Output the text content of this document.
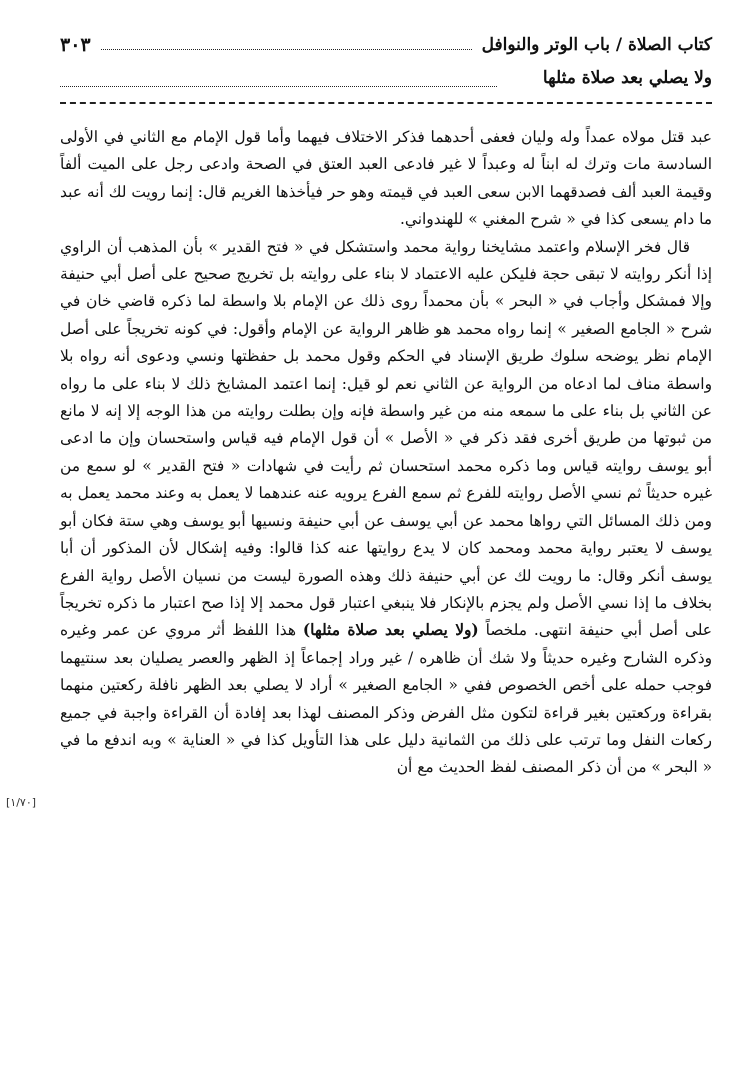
كتاب الصلاة / باب الوتر والنوافل
٣٠٣
ولا يصلي بعد صلاة مثلها

عبد قتل مولاه عمداً وله وليان فعفى أحدهما فذكر الاختلاف فيهما وأما قول الإمام مع الثاني في الأولى السادسة مات وترك له ابناً له وعبداً لا غير فادعى العبد العتق في الصحة وادعى رجل على الميت ألفاً وقيمة العبد ألف فصدقهما الابن سعى العبد في قيمته وهو حر فيأخذها الغريم قال: إنما رويت لك أنه عبد ما دام يسعى كذا في « شرح المغني » للهندواني.

قال فخر الإسلام واعتمد مشايخنا رواية محمد واستشكل في « فتح القدير » بأن المذهب أن الراوي إذا أنكر روايته لا تبقى حجة فليكن عليه الاعتماد لا بناء على روايته بل تخريج صحيح على أصل أبي حنيفة وإلا فمشكل وأجاب في « البحر » بأن محمداً روى ذلك عن الإمام بلا واسطة لما ذكره قاضي خان في شرح « الجامع الصغير » إنما رواه محمد هو ظاهر الرواية عن الإمام وأقول: في كونه تخريجاً على أصل الإمام نظر يوضحه سلوك طريق الإسناد في الحكم وقول محمد بل حفظتها ونسي ودعوى أنه رواه بلا واسطة مناف لما ادعاه من الرواية عن الثاني نعم لو قيل: إنما اعتمد المشايخ ذلك لا بناء على ما رواه عن الثاني بل بناء على ما سمعه منه من غير واسطة فإنه وإن بطلت روايته من هذا الوجه إلا إنه لا مانع من ثبوتها من طريق أخرى فقد ذكر في « الأصل » أن قول الإمام فيه قياس واستحسان وإن ما ادعى أبو يوسف روايته قياس وما ذكره محمد استحسان ثم رأيت في شهادات « فتح القدير » لو سمع من غيره حديثاً ثم نسي الأصل روايته للفرع ثم سمع الفرع يرويه عنه عندهما لا يعمل به وعند محمد يعمل به ومن ذلك المسائل التي رواها محمد عن أبي يوسف عن أبي حنيفة ونسيها أبو يوسف وهي ستة فكان أبو يوسف لا يعتبر رواية محمد ومحمد كان لا يدع روايتها عنه كذا قالوا: وفيه إشكال لأن المذكور أن أبا يوسف أنكر وقال: ما رويت لك عن أبي حنيفة ذلك وهذه الصورة ليست من نسيان الأصل رواية الفرع بخلاف ما إذا نسي الأصل ولم يجزم بالإنكار فلا ينبغي اعتبار قول محمد إلا إذا صح اعتبار ما ذكره تخريجاً على أصل أبي حنيفة انتهى. ملخصاً (ولا يصلي بعد صلاة مثلها) هذا اللفظ أثر مروي عن عمر وغيره وذكره الشارح وغيره حديثاً ولا شك أن ظاهره / غير وراد إجماعاً إذ الظهر والعصر يصليان بعد سنتيهما فوجب حمله على أخص الخصوص ففي « الجامع الصغير » أراد لا يصلي بعد الظهر نافلة ركعتين منهما بقراءة وركعتين بغير قراءة لتكون مثل الفرض وذكر المصنف لهذا بعد إفادة أن القراءة واجبة في جميع ركعات النفل وما ترتب على ذلك من الثمانية دليل على هذا التأويل كذا في « العناية » وبه اندفع ما في « البحر » من أن ذكر المصنف لفظ الحديث مع أن

[١/٧٠]
